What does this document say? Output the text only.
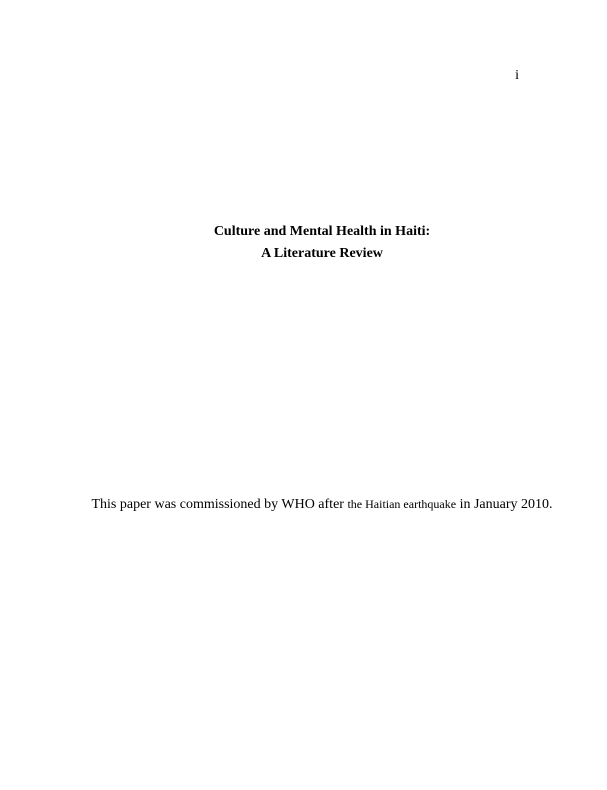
i
Culture and Mental Health in Haiti:
A Literature Review

This paper was commissioned by WHO after the Haitian earthquake in January 2010.
